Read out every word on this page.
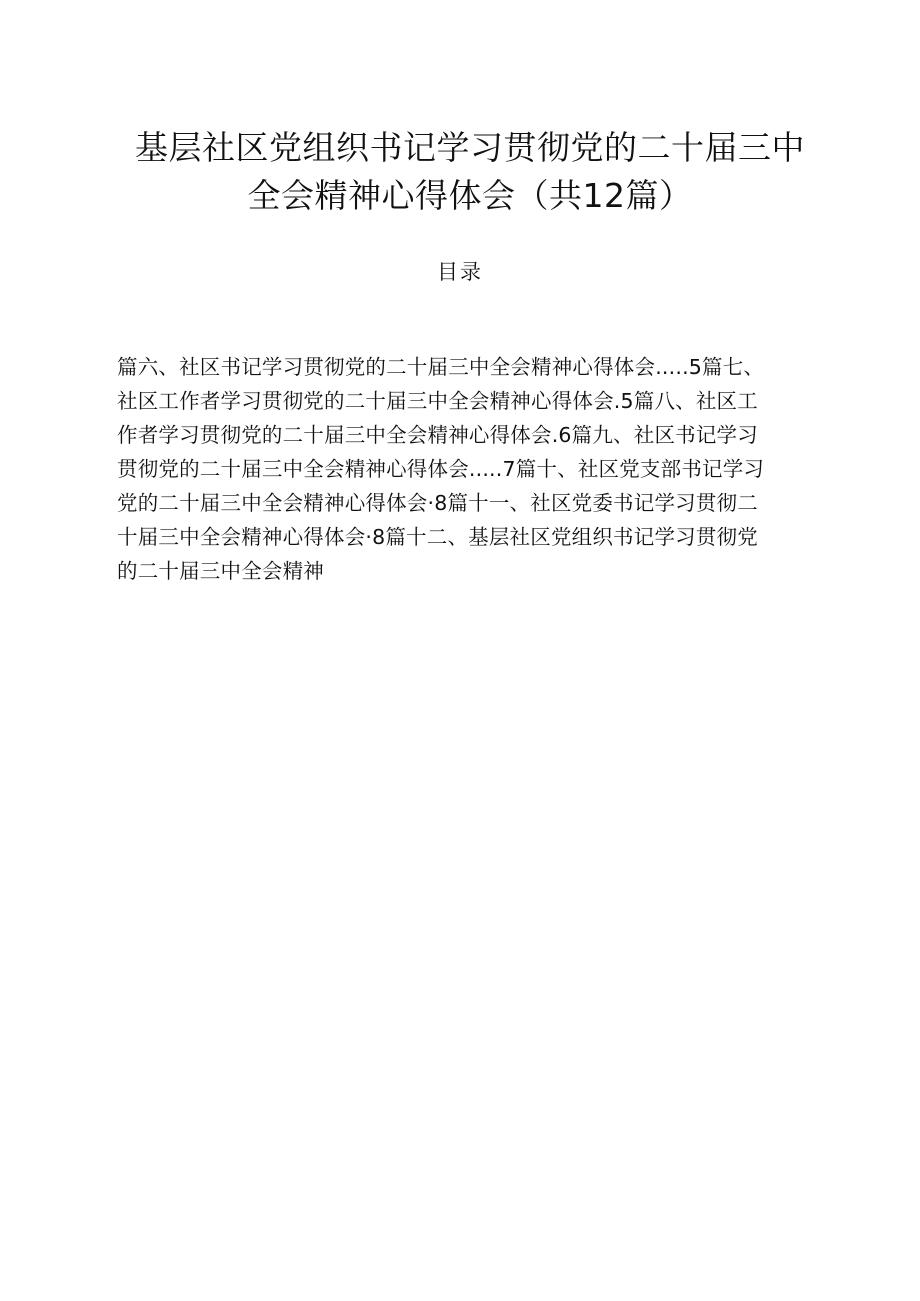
基层社区党组织书记学习贯彻党的二十届三中
全会精神心得体会（共12篇）
目录
篇六、社区书记学习贯彻党的二十届三中全会精神心得体会.....5篇七、
社区工作者学习贯彻党的二十届三中全会精神心得体会.5篇八、社区工
作者学习贯彻党的二十届三中全会精神心得体会.6篇九、社区书记学习
贯彻党的二十届三中全会精神心得体会.....7篇十、社区党支部书记学习
党的二十届三中全会精神心得体会·8篇十一、社区党委书记学习贯彻二
十届三中全会精神心得体会·8篇十二、基层社区党组织书记学习贯彻党
的二十届三中全会精神
